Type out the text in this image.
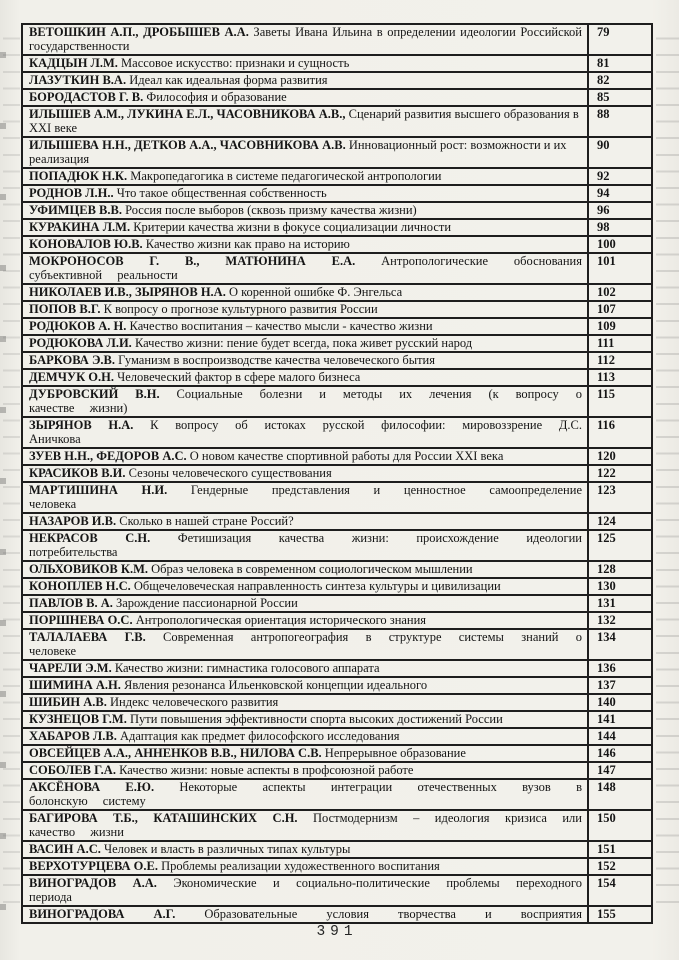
ВЕТОШКИН А.П., ДРОБЫШЕВ А.А. Заветы Ивана Ильина в определении идеологии Российской государственности	79
КАДЦЫН Л.М. Массовое искусство: признаки и сущность	81
ЛАЗУТКИН В.А. Идеал как идеальная форма развития	82
БОРОДАСТОВ Г. В. Философия и образование	85
ИЛЫШЕВ А.М., ЛУКИНА Е.Л., ЧАСОВНИКОВА А.В., Сценарий развития высшего образования в XXI веке	88
ИЛЫШЕВА Н.Н., ДЕТКОВ А.А., ЧАСОВНИКОВА А.В. Инновационный рост: возможности и их реализация	90
ПОПАДЮК Н.К. Макропедагогика в системе педагогической антропологии	92
РОДНОВ Л.Н.. Что такое общественная собственность	94
УФИМЦЕВ В.В. Россия после выборов (сквозь призму качества жизни)	96
КУРАКИНА Л.М. Критерии качества жизни в фокусе социализации личности	98
КОНОВАЛОВ Ю.В. Качество жизни как право на историю	100
МОКРОНОСОВ Г. В., МАТЮНИНА Е.А. Антропологические обоснования субъективной реальности	101
НИКОЛАЕВ И.В., ЗЫРЯНОВ Н.А. О коренной ошибке Ф. Энгельса	102
ПОПОВ В.Г. К вопросу о прогнозе культурного развития России	107
РОДЮКОВ А. Н. Качество воспитания – качество мысли - качество жизни	109
РОДЮКОВА Л.И. Качество жизни: пение будет всегда, пока живет русский народ	111
БАРКОВА Э.В. Гуманизм в воспроизводстве качества человеческого бытия	112
ДЕМЧУК О.Н. Человеческий фактор в сфере малого бизнеса	113
ДУБРОВСКИЙ В.Н. Социальные болезни и методы их лечения (к вопросу о качестве жизни)	115
ЗЫРЯНОВ Н.А. К вопросу об истоках русской философии: мировоззрение Д.С. Аничкова	116
ЗУЕВ Н.Н., ФЕДОРОВ А.С. О новом качестве спортивной работы для России XXI века	120
КРАСИКОВ В.И. Сезоны человеческого существования	122
МАРТИШИНА Н.И. Гендерные представления и ценностное самоопределение человека	123
НАЗАРОВ И.В. Сколько в нашей стране Россий?	124
НЕКРАСОВ С.Н. Фетишизация качества жизни: происхождение идеологии потребительства	125
ОЛЬХОВИКОВ К.М. Образ человека в современном социологическом мышлении	128
КОНОПЛЕВ Н.С. Общечеловеческая направленность синтеза культуры и цивилизации	130
ПАВЛОВ В. А. Зарождение пассионарной России	131
ПОРШНЕВА О.С. Антропологическая ориентация исторического знания	132
ТАЛАЛАЕВА Г.В. Современная антропогеография в структуре системы знаний о человеке	134
ЧАРЕЛИ Э.М. Качество жизни: гимнастика голосового аппарата	136
ШИМИНА А.Н. Явления резонанса Ильенковской концепции идеального	137
ШИБИН А.В. Индекс человеческого развития	140
КУЗНЕЦОВ Г.М. Пути повышения эффективности спорта высоких достижений России	141
ХАБАРОВ Л.В. Адаптация как предмет философского исследования	144
ОВСЕЙЦЕВ А.А., АННЕНКОВ В.В., НИЛОВА С.В. Непрерывное образование	146
СОБОЛЕВ Г.А. Качество жизни: новые аспекты в профсоюзной работе	147
АКСЁНОВА Е.Ю. Некоторые аспекты интеграции отечественных вузов в болонскую систему	148
БАГИРОВА Т.Б., КАТАШИНСКИХ С.Н. Постмодернизм – идеология кризиса или качество жизни	150
ВАСИН А.С. Человек и власть в различных типах культуры	151
ВЕРХОТУРЦЕВА О.Е. Проблемы реализации художественного воспитания	152
ВИНОГРАДОВ А.А. Экономические и социально-политические проблемы переходного периода	154
ВИНОГРАДОВА А.Г. Образовательные условия творчества и восприятия	155
391
